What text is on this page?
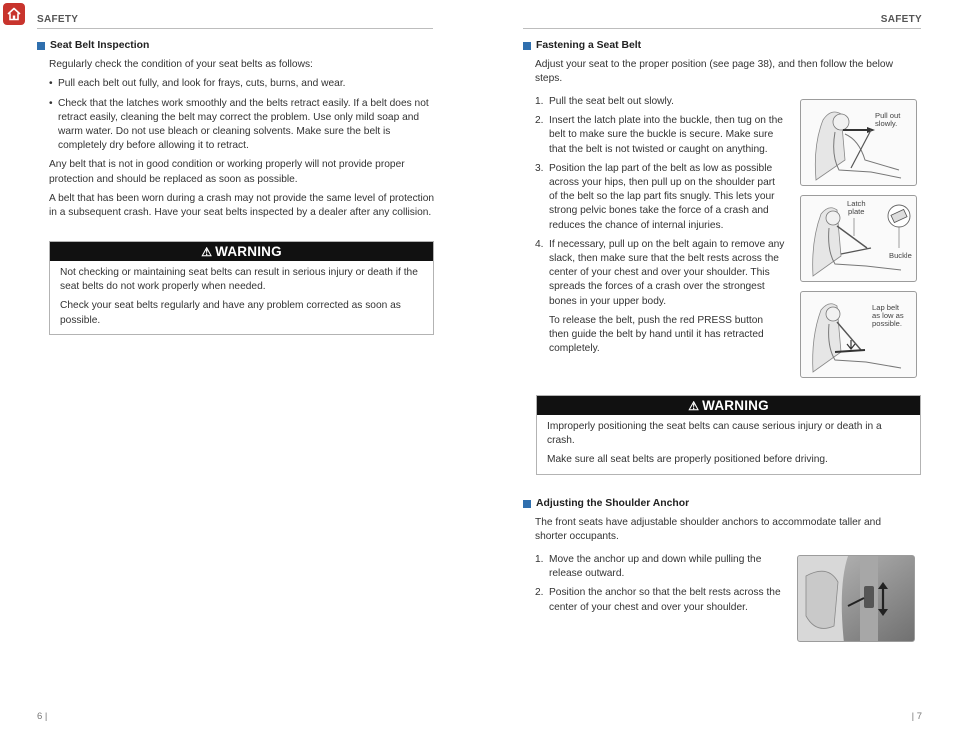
SAFETY	SAFETY
Seat Belt Inspection
Regularly check the condition of your seat belts as follows:
• Pull each belt out fully, and look for frays, cuts, burns, and wear.
• Check that the latches work smoothly and the belts retract easily. If a belt does not retract easily, cleaning the belt may correct the problem. Use only mild soap and warm water. Do not use bleach or cleaning solvents. Make sure the belt is completely dry before allowing it to retract.
Any belt that is not in good condition or working properly will not provide proper protection and should be replaced as soon as possible.
A belt that has been worn during a crash may not provide the same level of protection in a subsequent crash. Have your seat belts inspected by a dealer after any collision.
⚠ WARNING

Not checking or maintaining seat belts can result in serious injury or death if the seat belts do not work properly when needed.

Check your seat belts regularly and have any problem corrected as soon as possible.

Fastening a Seat Belt
Adjust your seat to the proper position (see page 38), and then follow the below steps.
1. Pull the seat belt out slowly.
2. Insert the latch plate into the buckle, then tug on the belt to make sure the buckle is secure. Make sure that the belt is not twisted or caught on anything.
3. Position the lap part of the belt as low as possible across your hips, then pull up on the shoulder part of the belt so the lap part fits snugly. This lets your strong pelvic bones take the force of a crash and reduces the chance of internal injuries.
4. If necessary, pull up on the belt again to remove any slack, then make sure that the belt rests across the center of your chest and over your shoulder. This spreads the forces of a crash over the strongest bones in your upper body.
To release the belt, push the red PRESS button then guide the belt by hand until it has retracted completely.
Pull out
slowly.
Latch
plate
Buckle
Lap belt
as low as
possible.
⚠ WARNING

Improperly positioning the seat belts can cause serious injury or death in a crash.

Make sure all seat belts are properly positioned before driving.

Adjusting the Shoulder Anchor
The front seats have adjustable shoulder anchors to accommodate taller and shorter occupants.
1. Move the anchor up and down while pulling the release outward.
2. Position the anchor so that the belt rests across the center of your chest and over your shoulder.
6 |	| 7
